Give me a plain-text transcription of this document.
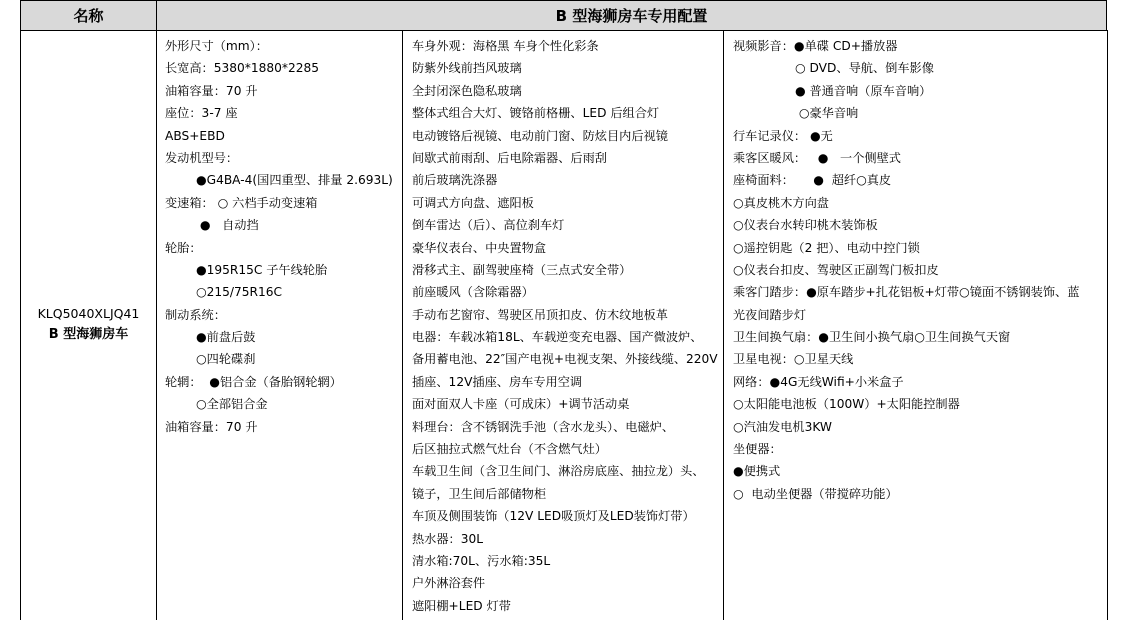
名称	B 型海狮房车专用配置
KLQ5040XLJQ41
B 型海狮房车
外形尺寸（mm）：
长宽高：5380*1880*2285
油箱容量：70 升
座位：3-7 座
ABS+EBD
发动机型号：
●G4BA-4(国四重型、排量 2.693L)
变速箱： ○ 六档手动变速箱
●   自动挡
轮胎：
●195R15C 子午线轮胎
○215/75R16C
制动系统：
●前盘后鼓
○四轮碟刹
轮辋：  ●铝合金（备胎钢轮辋）
○全部铝合金
油箱容量：70 升
车身外观：海格黑 车身个性化彩条
防紫外线前挡风玻璃
全封闭深色隐私玻璃
整体式组合大灯、镀铬前格栅、LED 后组合灯
电动镀铬后视镜、电动前门窗、防炫目内后视镜
间歇式前雨刮、后电除霜器、后雨刮
前后玻璃洗涤器
可调式方向盘、遮阳板
倒车雷达（后）、高位刹车灯
豪华仪表台、中央置物盒
滑移式主、副驾驶座椅（三点式安全带）
前座暖风（含除霜器）
手动布艺窗帘、驾驶区吊顶扣皮、仿木纹地板革
电器：车载冰箱18L、车载逆变充电器、国产微波炉、
备用蓄电池、22″国产电视+电视支架、外接线缆、220V
插座、12V插座、房车专用空调
面对面双人卡座（可成床）+调节活动桌
料理台：含不锈钢洗手池（含水龙头）、电磁炉、
后区抽拉式燃气灶台（不含燃气灶）
车载卫生间（含卫生间门、淋浴房底座、抽拉龙）头、
镜子，卫生间后部储物柜
车顶及侧围装饰（12V LED吸顶灯及LED装饰灯带）
热水器：30L
清水箱:70L、污水箱:35L
户外淋浴套件
遮阳棚+LED 灯带
视频影音：●单碟 CD+播放器
○ DVD、导航、倒车影像
● 普通音响（原车音响）
○豪华音响
行车记录仪： ●无
乘客区暖风：   ●   一个侧壁式
座椅面料：     ●  超纤○真皮
○真皮桃木方向盘
○仪表台水转印桃木装饰板
○遥控钥匙（2 把）、电动中控门锁
○仪表台扣皮、驾驶区正副驾门板扣皮
乘客门踏步：●原车踏步+扎花铝板+灯带○镜面不锈钢装饰、蓝
光夜间踏步灯
卫生间换气扇：●卫生间小换气扇○卫生间换气天窗
卫星电视：○卫星天线
网络：●4G无线Wifi+小米盒子
○太阳能电池板（100W）+太阳能控制器
○汽油发电机3KW
坐便器：
●便携式
○  电动坐便器（带搅碎功能）
